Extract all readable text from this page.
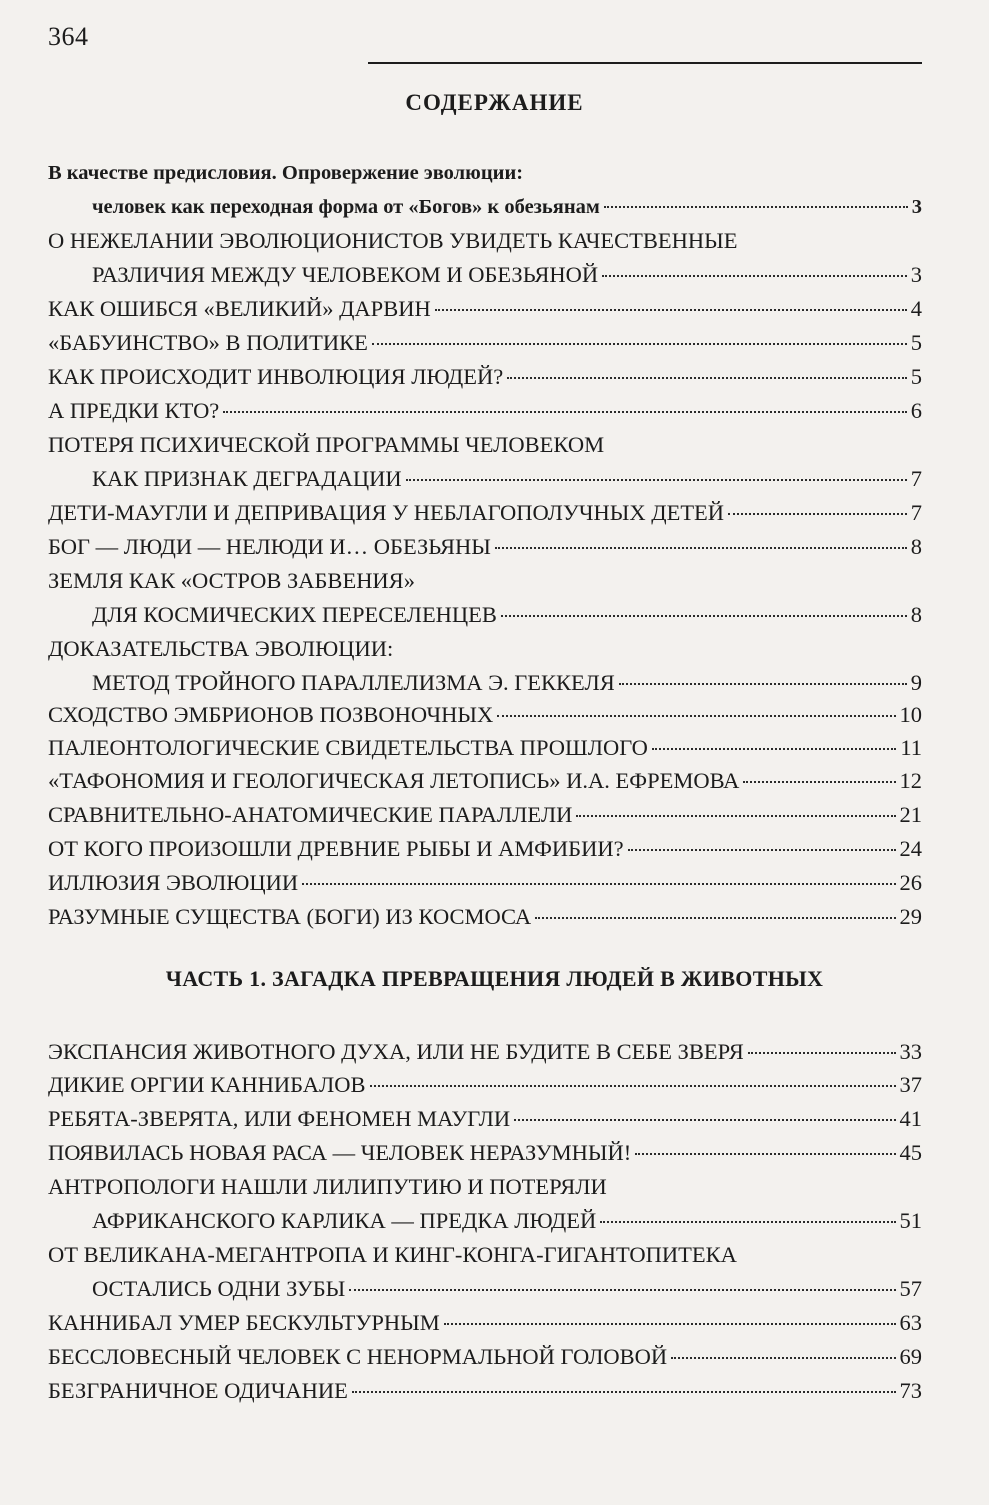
364
СОДЕРЖАНИЕ
В качестве предисловия. Опровержение эволюции:
человек как переходная форма от «Богов» к обезьянам	3
О НЕЖЕЛАНИИ ЭВОЛЮЦИОНИСТОВ УВИДЕТЬ КАЧЕСТВЕННЫЕ
РАЗЛИЧИЯ МЕЖДУ ЧЕЛОВЕКОМ И ОБЕЗЬЯНОЙ	3
КАК ОШИБСЯ «ВЕЛИКИЙ» ДАРВИН	4
«БАБУИНСТВО» В ПОЛИТИКЕ	5
КАК ПРОИСХОДИТ ИНВОЛЮЦИЯ ЛЮДЕЙ?	5
А ПРЕДКИ КТО?	6
ПОТЕРЯ ПСИХИЧЕСКОЙ ПРОГРАММЫ ЧЕЛОВЕКОМ
КАК ПРИЗНАК ДЕГРАДАЦИИ	7
ДЕТИ-МАУГЛИ И ДЕПРИВАЦИЯ У НЕБЛАГОПОЛУЧНЫХ ДЕТЕЙ	7
БОГ — ЛЮДИ — НЕЛЮДИ И… ОБЕЗЬЯНЫ	8
ЗЕМЛЯ КАК «ОСТРОВ ЗАБВЕНИЯ»
ДЛЯ КОСМИЧЕСКИХ ПЕРЕСЕЛЕНЦЕВ	8
ДОКАЗАТЕЛЬСТВА ЭВОЛЮЦИИ:
МЕТОД ТРОЙНОГО ПАРАЛЛЕЛИЗМА Э. ГЕККЕЛЯ	9
СХОДСТВО ЭМБРИОНОВ ПОЗВОНОЧНЫХ	10
ПАЛЕОНТОЛОГИЧЕСКИЕ СВИДЕТЕЛЬСТВА ПРОШЛОГО	11
«ТАФОНОМИЯ И ГЕОЛОГИЧЕСКАЯ ЛЕТОПИСЬ» И.А. ЕФРЕМОВА	12
СРАВНИТЕЛЬНО-АНАТОМИЧЕСКИЕ ПАРАЛЛЕЛИ	21
ОТ КОГО ПРОИЗОШЛИ ДРЕВНИЕ РЫБЫ И АМФИБИИ?	24
ИЛЛЮЗИЯ ЭВОЛЮЦИИ	26
РАЗУМНЫЕ СУЩЕСТВА (БОГИ) ИЗ КОСМОСА	29
ЧАСТЬ 1. ЗАГАДКА ПРЕВРАЩЕНИЯ ЛЮДЕЙ В ЖИВОТНЫХ
ЭКСПАНСИЯ ЖИВОТНОГО ДУХА, ИЛИ НЕ БУДИТЕ В СЕБЕ ЗВЕРЯ	33
ДИКИЕ ОРГИИ КАННИБАЛОВ	37
РЕБЯТА-ЗВЕРЯТА, ИЛИ ФЕНОМЕН МАУГЛИ	41
ПОЯВИЛАСЬ НОВАЯ РАСА — ЧЕЛОВЕК НЕРАЗУМНЫЙ!	45
АНТРОПОЛОГИ НАШЛИ ЛИЛИПУТИЮ И ПОТЕРЯЛИ
АФРИКАНСКОГО КАРЛИКА — ПРЕДКА ЛЮДЕЙ	51
ОТ ВЕЛИКАНА-МЕГАНТРОПА И КИНГ-КОНГА-ГИГАНТОПИТЕКА
ОСТАЛИСЬ ОДНИ ЗУБЫ	57
КАННИБАЛ УМЕР БЕСКУЛЬТУРНЫМ	63
БЕССЛОВЕСНЫЙ ЧЕЛОВЕК С НЕНОРМАЛЬНОЙ ГОЛОВОЙ	69
БЕЗГРАНИЧНОЕ ОДИЧАНИЕ	73
